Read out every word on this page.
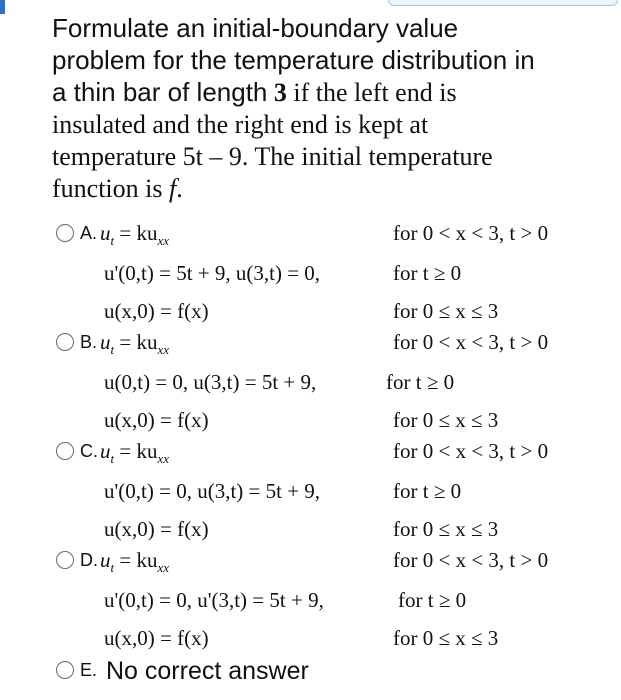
Formulate an initial-boundary value
problem for the temperature distribution in
a thin bar of length 3 if the left end is
insulated and the right end is kept at
temperature 5t – 9. The initial temperature
function is f.
A. $u_t = ku_{xx}$	for 0 < x < 3, t > 0
u'(0,t) = 5t + 9, u(3,t) = 0,	for t ≥ 0
u(x,0) = f(x)	for 0 ≤ x ≤ 3
B. $u_t = ku_{xx}$	for 0 < x < 3, t > 0
u(0,t) = 0, u(3,t) = 5t + 9,	for t ≥ 0
u(x,0) = f(x)	for 0 ≤ x ≤ 3
C. $u_t = ku_{xx}$	for 0 < x < 3, t > 0
u'(0,t) = 0, u(3,t) = 5t + 9,	for t ≥ 0
u(x,0) = f(x)	for 0 ≤ x ≤ 3
D. $u_t = ku_{xx}$	for 0 < x < 3, t > 0
u'(0,t) = 0, u'(3,t) = 5t + 9,	for t ≥ 0
u(x,0) = f(x)	for 0 ≤ x ≤ 3
E. No correct answer
